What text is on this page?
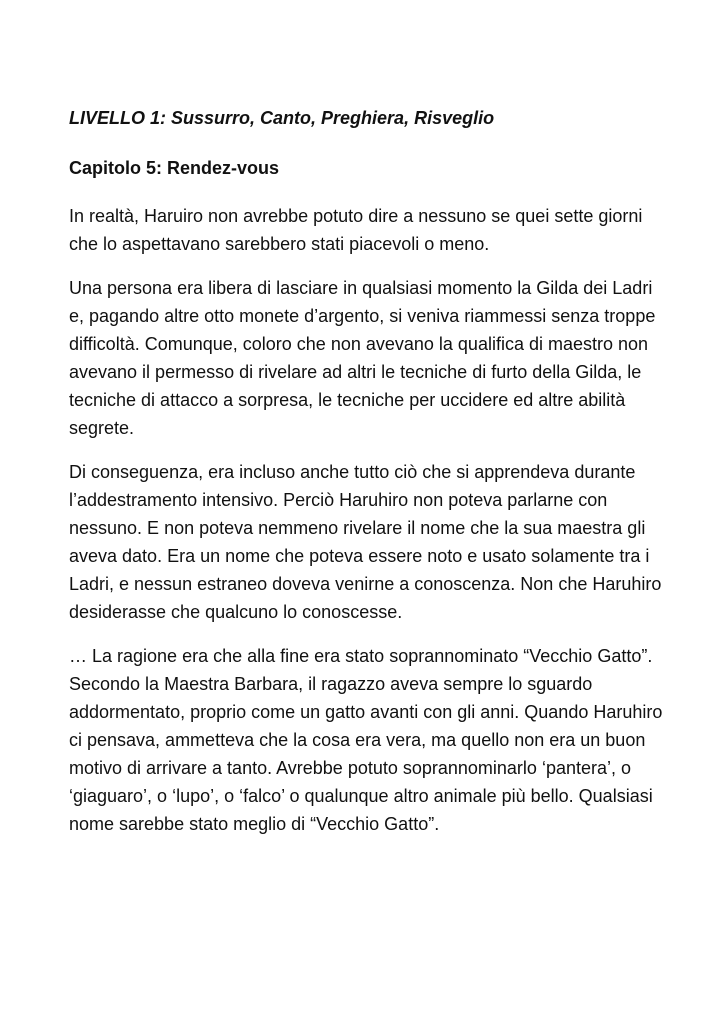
LIVELLO 1: Sussurro, Canto, Preghiera, Risveglio

Capitolo 5: Rendez-vous

In realtà, Haruiro non avrebbe potuto dire a nessuno se quei sette giorni che lo aspettavano sarebbero stati piacevoli o meno.

Una persona era libera di lasciare in qualsiasi momento la Gilda dei Ladri e, pagando altre otto monete d’argento, si veniva riammessi senza troppe difficoltà. Comunque, coloro che non avevano la qualifica di maestro non avevano il permesso di rivelare ad altri le tecniche di furto della Gilda, le tecniche di attacco a sorpresa, le tecniche per uccidere ed altre abilità segrete.

Di conseguenza, era incluso anche tutto ciò che si apprendeva durante l’addestramento intensivo. Perciò Haruhiro non poteva parlarne con nessuno. E non poteva nemmeno rivelare il nome che la sua maestra gli aveva dato. Era un nome che poteva essere noto e usato solamente tra i Ladri, e nessun estraneo doveva venirne a conoscenza. Non che Haruhiro desiderasse che qualcuno lo conoscesse.

… La ragione era che alla fine era stato soprannominato “Vecchio Gatto”. Secondo la Maestra Barbara, il ragazzo aveva sempre lo sguardo addormentato, proprio come un gatto avanti con gli anni. Quando Haruhiro ci pensava, ammetteva che la cosa era vera, ma quello non era un buon motivo di arrivare a tanto. Avrebbe potuto soprannominarlo ‘pantera’, o ‘giaguaro’, o ‘lupo’, o ‘falco’ o qualunque altro animale più bello. Qualsiasi nome sarebbe stato meglio di “Vecchio Gatto”.
